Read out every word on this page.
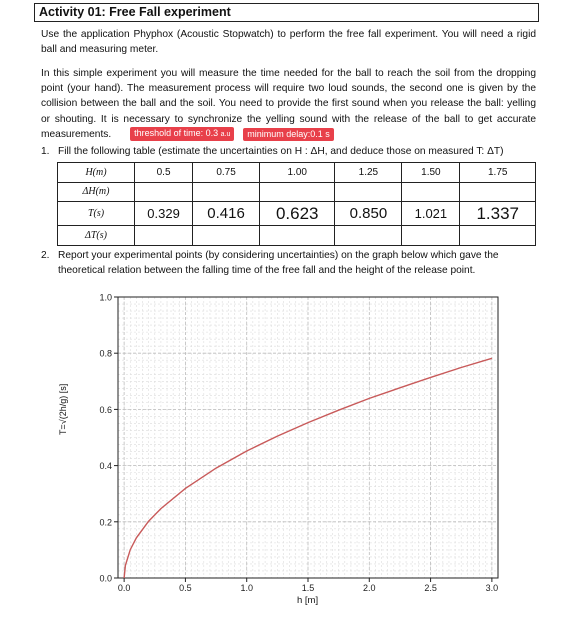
Activity 01: Free Fall experiment
Use the application Phyphox (Acoustic Stopwatch) to perform the free fall experiment. You will need a rigid ball and measuring meter.
In this simple experiment you will measure the time needed for the ball to reach the soil from the dropping point (your hand). The measurement process will require two loud sounds, the second one is given by the collision between the ball and the soil. You need to provide the first sound when you release the ball: yelling or shouting. It is necessary to synchronize the yelling sound with the release of the ball to get accurate measurements.	threshold of time: 0.3 a.u minimum delay:0.1 s
1. Fill the following table (estimate the uncertainties on H : ΔH, and deduce those on measured T: ΔT)
H(m)	0.5	0.75	1.00	1.25	1.50	1.75
ΔH(m)						
T(s)	0.329	0.416	0.623	0.850	1.021	1.337
ΔT(s)						
2. Report your experimental points (by considering uncertainties) on the graph below which gave the theoretical relation between the falling time of the free fall and the height of the release point.
0.0	0.5	1.0	1.5	2.0	2.5	3.0
0.0
0.2
0.4
0.6
0.8
1.0
T=√(2h/g) [s]
h [m]
